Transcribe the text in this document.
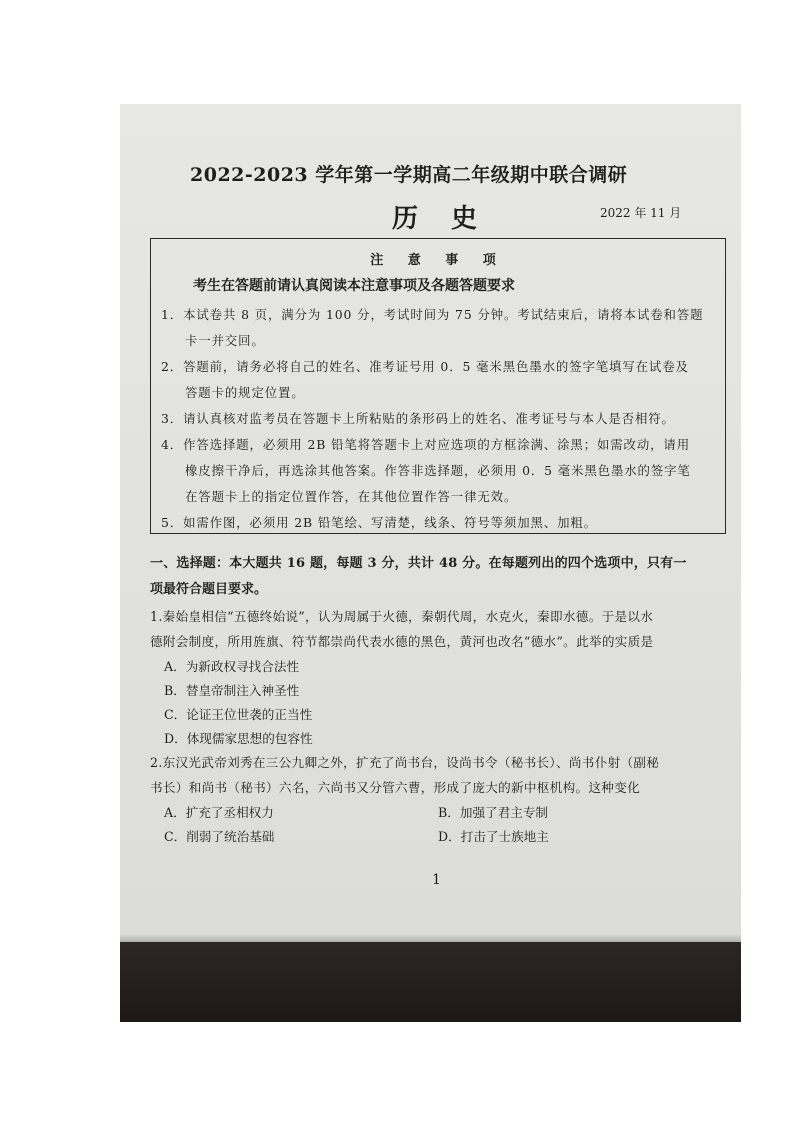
2022-2023 学年第一学期高二年级期中联合调研
历 史	2022 年 11 月
注 意 事 项
考生在答题前请认真阅读本注意事项及各题答题要求
1．本试卷共 8 页，满分为 100 分，考试时间为 75 分钟。考试结束后，请将本试卷和答题
卡一并交回。
2．答题前，请务必将自己的姓名、准考证号用 0．5 毫米黑色墨水的签字笔填写在试卷及
答题卡的规定位置。
3．请认真核对监考员在答题卡上所粘贴的条形码上的姓名、准考证号与本人是否相符。
4．作答选择题，必须用 2B 铅笔将答题卡上对应选项的方框涂满、涂黑；如需改动，请用
橡皮擦干净后，再选涂其他答案。作答非选择题，必须用 0．5 毫米黑色墨水的签字笔
在答题卡上的指定位置作答，在其他位置作答一律无效。
5．如需作图，必须用 2B 铅笔绘、写清楚，线条、符号等须加黑、加粗。
一、选择题：本大题共 16 题，每题 3 分，共计 48 分。在每题列出的四个选项中，只有一
项最符合题目要求。
1.秦始皇相信“五德终始说”，认为周属于火德，秦朝代周，水克火，秦即水德。于是以水
德附会制度，所用旌旗、符节都崇尚代表水德的黑色，黄河也改名“德水”。此举的实质是
A．为新政权寻找合法性
B．替皇帝制注入神圣性
C．论证王位世袭的正当性
D．体现儒家思想的包容性
2.东汉光武帝刘秀在三公九卿之外，扩充了尚书台，设尚书令（秘书长）、尚书仆射（副秘
书长）和尚书（秘书）六名，六尚书又分管六曹，形成了庞大的新中枢机构。这种变化
A．扩充了丞相权力	B．加强了君主专制
C．削弱了统治基础	D．打击了士族地主
1
